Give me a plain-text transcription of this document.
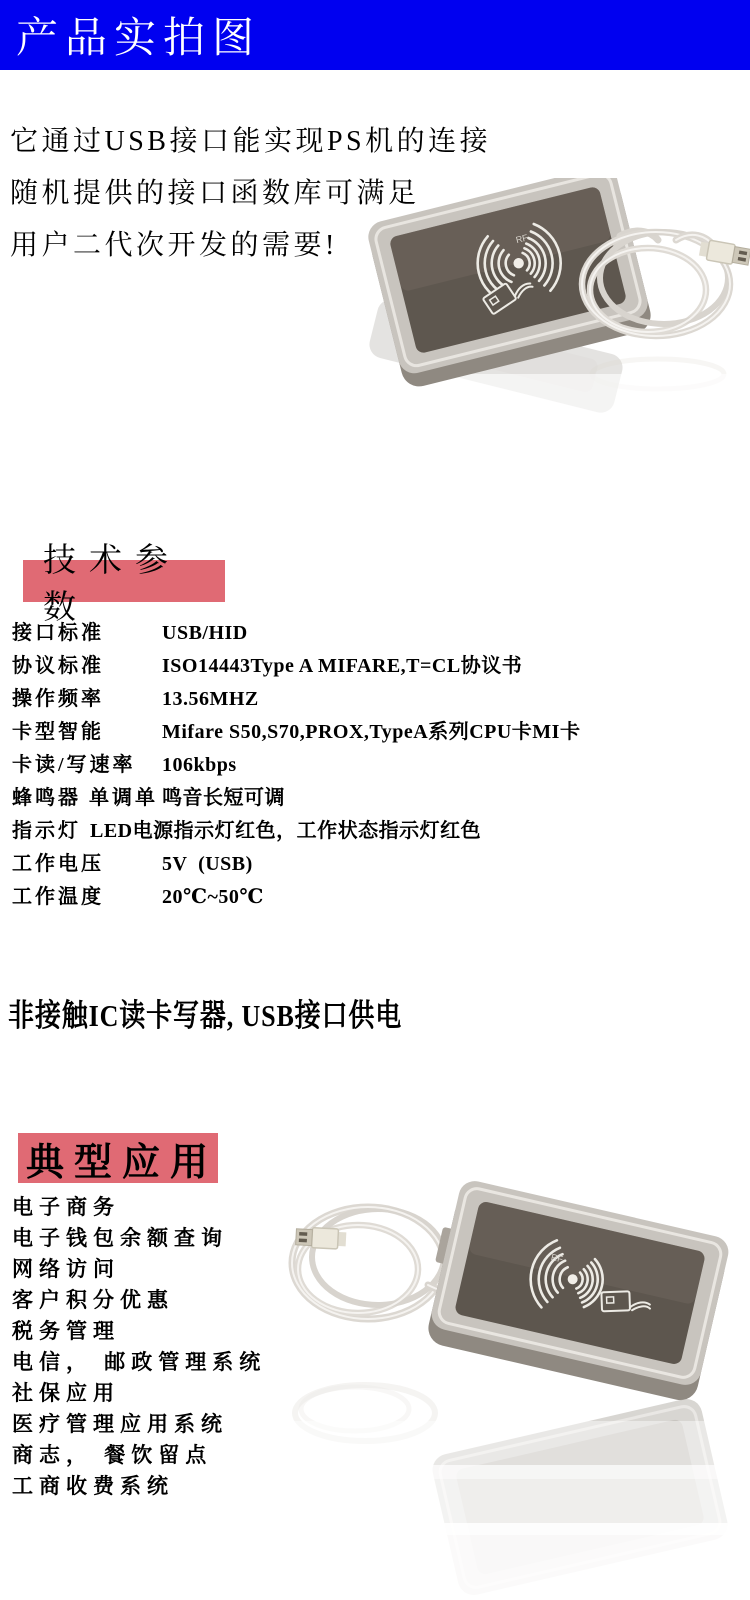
产品实拍图

它通过USB接口能实现PS机的连接

随机提供的接口函数库可满足

用户二代次开发的需要!	RF
技术参数
接口标准	USB/HID
协议标准	ISO14443Type A MIFARE,T=CL协议书
操作频率	13.56MHZ
卡型智能	Mifare S50,S70,PROX,TypeA系列CPU卡MI卡
卡读/写速率	106kbps
蜂鸣器 单调单 鸣音长短可调
指示灯 LED电源指示灯红色，工作状态指示灯红色
工作电压	5V  (USB)
工作温度	20℃~50℃

非接触IC读卡写器, USB接口供电

典型应用
电子商务
电子钱包余额查询
网络访问
客户积分优惠
税务管理
电信， 邮政管理系统
社保应用
医疗管理应用系统
商志， 餐饮留点
工商收费系统
RF
